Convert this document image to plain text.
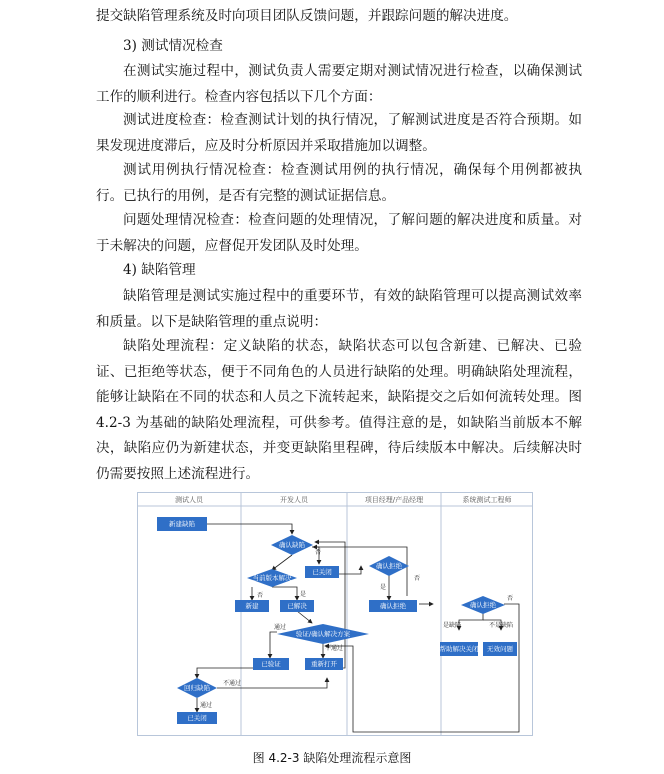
提交缺陷管理系统及时向项目团队反馈问题，并跟踪问题的解决进度。

3) 测试情况检查

在测试实施过程中，测试负责人需要定期对测试情况进行检查，以确保测试工作的顺利进行。检查内容包括以下几个方面：

测试进度检查：检查测试计划的执行情况，了解测试进度是否符合预期。如果发现进度滞后，应及时分析原因并采取措施加以调整。

测试用例执行情况检查：检查测试用例的执行情况，确保每个用例都被执行。已执行的用例，是否有完整的测试证据信息。

问题处理情况检查：检查问题的处理情况，了解问题的解决进度和质量。对于未解决的问题，应督促开发团队及时处理。

4) 缺陷管理

缺陷管理是测试实施过程中的重要环节，有效的缺陷管理可以提高测试效率和质量。以下是缺陷管理的重点说明：

缺陷处理流程：定义缺陷的状态，缺陷状态可以包含新建、已解决、已验证、已拒绝等状态，便于不同角色的人员进行缺陷的处理。明确缺陷处理流程，能够让缺陷在不同的状态和人员之下流转起来，缺陷提交之后如何流转处理。图 4.2-3 为基础的缺陷处理流程，可供参考。值得注意的是，如缺陷当前版本不解决，缺陷应仍为新建状态，并变更缺陷里程碑，待后续版本中解决。后续解决时仍需要按照上述流程进行。

测试人员	开发人员	项目经理/产品经理	系统测试工程师
新建缺陷
确认缺陷
当前版本解决
已关闭
新建	已解决
验证/确认解决方案
已验证	重新打开
回归缺陷
已关闭
确认拒绝
确认拒绝	确认拒绝
帮助解决关闭 无效问题
否	是
否
否
是
否
是缺陷	不是缺陷
通过
不通过
不通过
通过
图 4.2-3 缺陷处理流程示意图
